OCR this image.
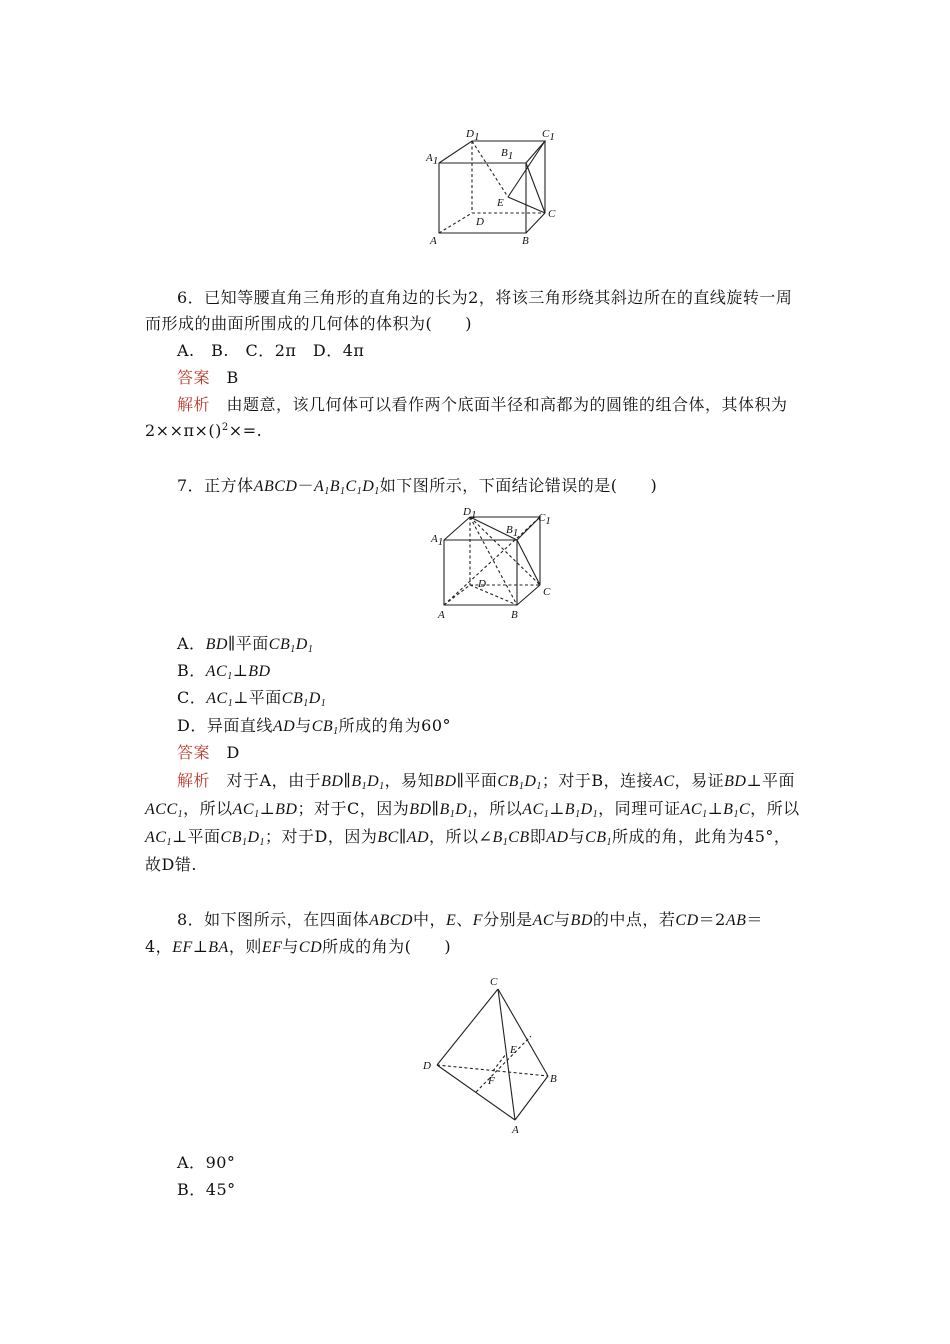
A1
D1	C1
B1
E
D
C
A	B
6．已知等腰直角三角形的直角边的长为2，将该三角形绕其斜边所在的直线旋转一周
而形成的曲面所围成的几何体的体积为(　　)
A.　B.　C．2π　D．4π
答案　 B
解析　 由题意，该几何体可以看作两个底面半径和高都为的圆锥的组合体，其体积为
2××π×()$^2$×=.
7．正方体$ABCD-A_1B_1C_1D_1$如下图所示，下面结论错误的是(　　)
A1
D1
B1
C1
D
C
A	B
A．BD∥平面$CB_1D_1$
B．$AC_1\perp BD$
C．$AC_1\perp$平面$CB_1D_1$
D．异面直线AD与$CB_1$所成的角为60°
答案　 D
解析　 对于A，由于$BD\parallel B_1D_1$，易知BD∥平面$CB_1D_1$；对于B，连接AC，易证BD⊥平面
$ACC_1$，所以$AC_1\perp BD$；对于C，因为$BD\parallel B_1D_1$，所以$AC_1\perp B_1D_1$，同理可证$AC_1\perp B_1C$，所以
$AC_1\perp$平面$CB_1D_1$；对于D，因为BC∥AD，所以$\angle B_1CB$即AD与$CB_1$所成的角，此角为45°，
故D错.
8．如下图所示，在四面体ABCD中，E、F分别是AC与BD的中点，若CD＝2AB＝
4，EF⊥BA，则EF与CD所成的角为(　　)
C
E
D
F	B
A
A．90°
B．45°
